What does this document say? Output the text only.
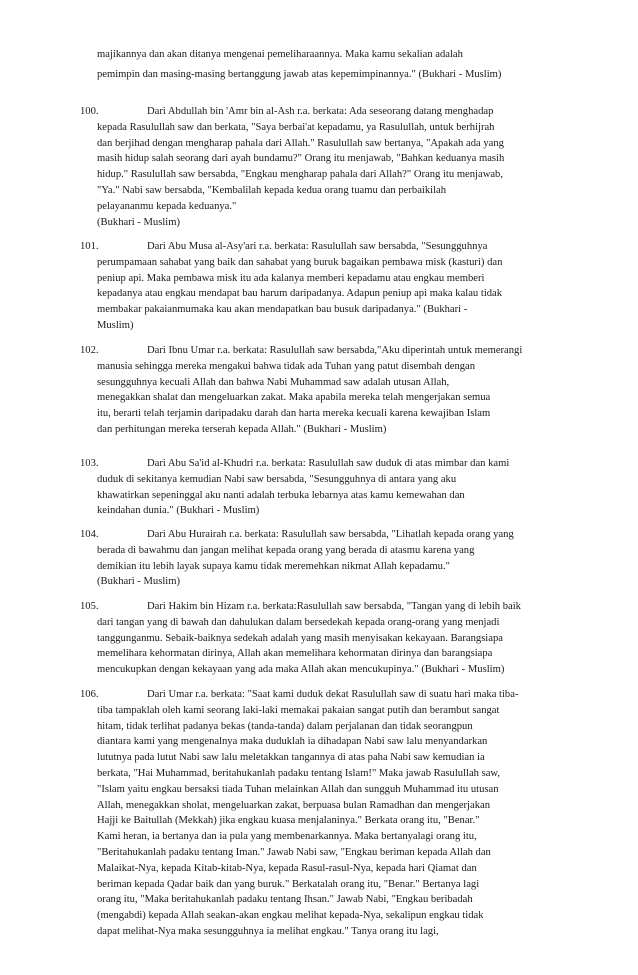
majikannya dan akan ditanya mengenai pemeliharaannya. Maka kamu sekalian adalah
pemimpin dan masing-masing bertanggung jawab atas kepemimpinannya." (Bukhari - Muslim)
100.	Dari Abdullah bin 'Amr bin al-Ash r.a. berkata: Ada seseorang datang menghadap
kepada Rasulullah saw dan berkata, "Saya berbai'at kepadamu, ya Rasulullah, untuk berhijrah
dan berjihad dengan mengharap pahala dari Allah." Rasulullah saw bertanya, "Apakah ada yang
masih hidup salah seorang dari ayah bundamu?" Orang itu menjawab, "Bahkan keduanya masih
hidup." Rasulullah saw bersabda, "Engkau mengharap pahala dari Allah?" Orang itu menjawab,
"Ya." Nabi saw bersabda, "Kembalilah kepada kedua orang tuamu dan perbaikilah
pelayananmu kepada keduanya."
(Bukhari - Muslim)
101.	Dari Abu Musa al-Asy'ari r.a. berkata: Rasulullah saw bersabda, "Sesungguhnya
perumpamaan sahabat yang baik dan sahabat yang buruk bagaikan pembawa misk (kasturi) dan
peniup api. Maka pembawa misk itu ada kalanya memberi kepadamu atau engkau memberi
kepadanya atau engkau mendapat bau harum daripadanya. Adapun peniup api maka kalau tidak
membakar pakaianmumaka kau akan mendapatkan bau busuk daripadanya." (Bukhari -
Muslim)
102.	Dari Ibnu Umar r.a. berkata: Rasulullah saw bersabda,"Aku diperintah untuk memerangi
manusia sehingga mereka mengakui bahwa tidak ada Tuhan yang patut disembah dengan
sesungguhnya kecuali Allah dan bahwa Nabi Muhammad saw adalah utusan Allah,
menegakkan shalat dan mengeluarkan zakat. Maka apabila mereka telah mengerjakan semua
itu, berarti telah terjamin daripadaku darah dan harta mereka kecuali karena kewajiban Islam
dan perhitungan mereka terserah kepada Allah." (Bukhari - Muslim)
103.	Dari Abu Sa'id al-Khudri r.a. berkata: Rasulullah saw duduk di atas mimbar dan kami
duduk di sekitanya kemudian Nabi saw bersabda, "Sesungguhnya di antara yang aku
khawatirkan sepeninggal aku nanti adalah terbuka lebarnya atas kamu kemewahan dan
keindahan dunia." (Bukhari - Muslim)
104.	Dari Abu Hurairah r.a. berkata: Rasulullah saw bersabda, "Lihatlah kepada orang yang
berada di bawahmu dan jangan melihat kepada orang yang berada di atasmu karena yang
demikian itu lebih layak supaya kamu tidak meremehkan nikmat Allah kepadamu."
(Bukhari - Muslim)
105.	Dari Hakim bin Hizam r.a. berkata:Rasulullah saw bersabda, "Tangan yang di lebih baik
dari tangan yang di bawah dan dahulukan dalam bersedekah kepada orang-orang yang menjadi
tanggunganmu. Sebaik-baiknya sedekah adalah yang masih menyisakan kekayaan. Barangsiapa
memelihara kehormatan dirinya, Allah akan memelihara kehormatan dirinya dan barangsiapa
mencukupkan dengan kekayaan yang ada maka Allah akan mencukupinya." (Bukhari - Muslim)
106.	Dari Umar r.a. berkata: "Saat kami duduk dekat Rasulullah saw di suatu hari maka tiba-
tiba tampaklah oleh kami seorang laki-laki memakai pakaian sangat putih dan berambut sangat
hitam, tidak terlihat padanya bekas (tanda-tanda) dalam perjalanan dan tidak seorangpun
diantara kami yang mengenalnya maka duduklah ia dihadapan Nabi saw lalu menyandarkan
lututnya pada lutut Nabi saw lalu meletakkan tangannya di atas paha Nabi saw kemudian ia
berkata, "Hai Muhammad, beritahukanlah padaku tentang Islam!" Maka jawab Rasulullah saw,
"Islam yaitu engkau bersaksi tiada Tuhan melainkan Allah dan sungguh Muhammad itu utusan
Allah, menegakkan sholat, mengeluarkan zakat, berpuasa bulan Ramadhan dan mengerjakan
Hajji ke Baitullah (Mekkah) jika engkau kuasa menjalaninya." Berkata orang itu, "Benar."
Kami heran, ia bertanya dan ia pula yang membenarkannya. Maka bertanyalagi orang itu,
"Beritahukanlah padaku tentang Iman." Jawab Nabi saw, "Engkau beriman kepada Allah dan
Malaikat-Nya, kepada Kitab-kitab-Nya, kepada Rasul-rasul-Nya, kepada hari Qiamat dan
beriman kepada Qadar baik dan yang buruk." Berkatalah orang itu, "Benar." Bertanya lagi
orang itu, "Maka beritahukanlah padaku tentang Ihsan." Jawab Nabi, "Engkau beribadah
(mengabdi) kepada Allah seakan-akan engkau melihat kepada-Nya, sekalipun engkau tidak
dapat melihat-Nya maka sesungguhnya ia melihat engkau." Tanya orang itu lagi,
